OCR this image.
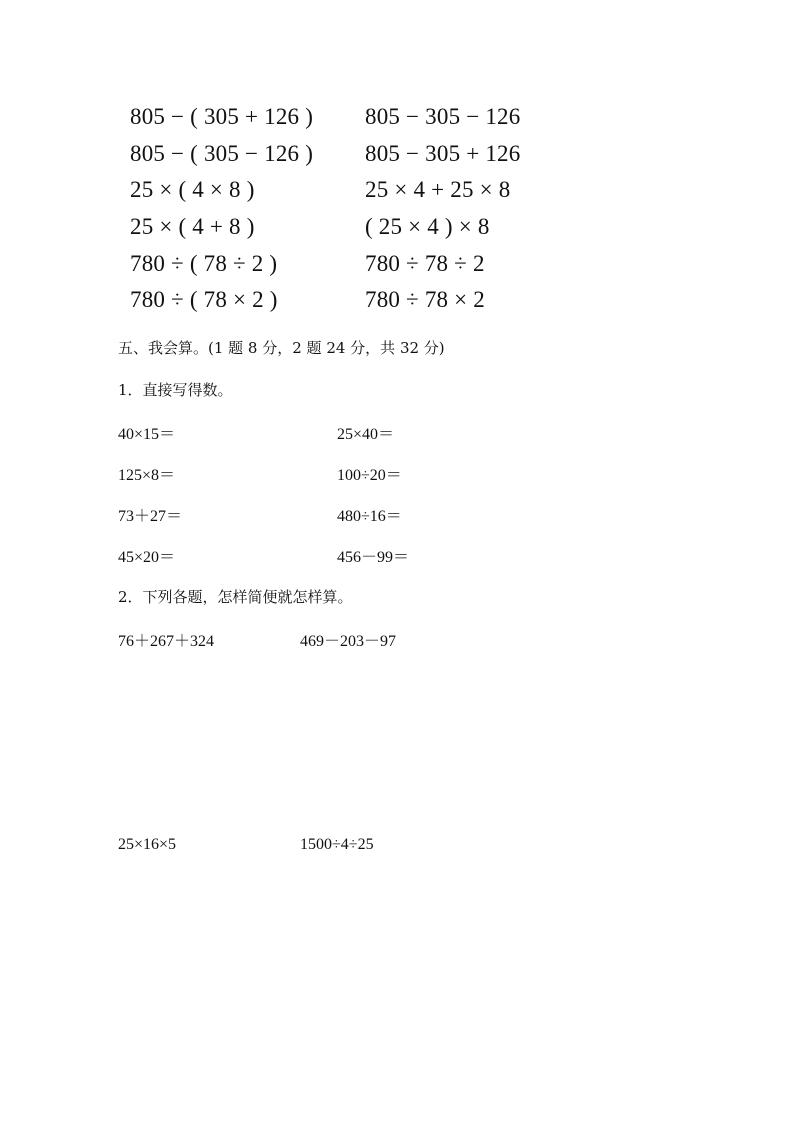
805 − ( 305 + 126 ) 805 − 305 − 126
805 − ( 305 − 126 ) 805 − 305 + 126
25 × ( 4 × 8 )	25 × 4 + 25 × 8
25 × ( 4 + 8 )	( 25 × 4 ) × 8
780 ÷ ( 78 ÷ 2 )	780 ÷ 78 ÷ 2
780 ÷ ( 78 × 2 )	780 ÷ 78 × 2
五、我会算。(1 题 8 分，2 题 24 分，共 32 分)
1．直接写得数。
40×15＝	25×40＝
125×8＝	100÷20＝
73＋27＝	480÷16＝
45×20＝	456－99＝
2．下列各题，怎样简便就怎样算。
76＋267＋324	469－203－97
25×16×5	1500÷4÷25
